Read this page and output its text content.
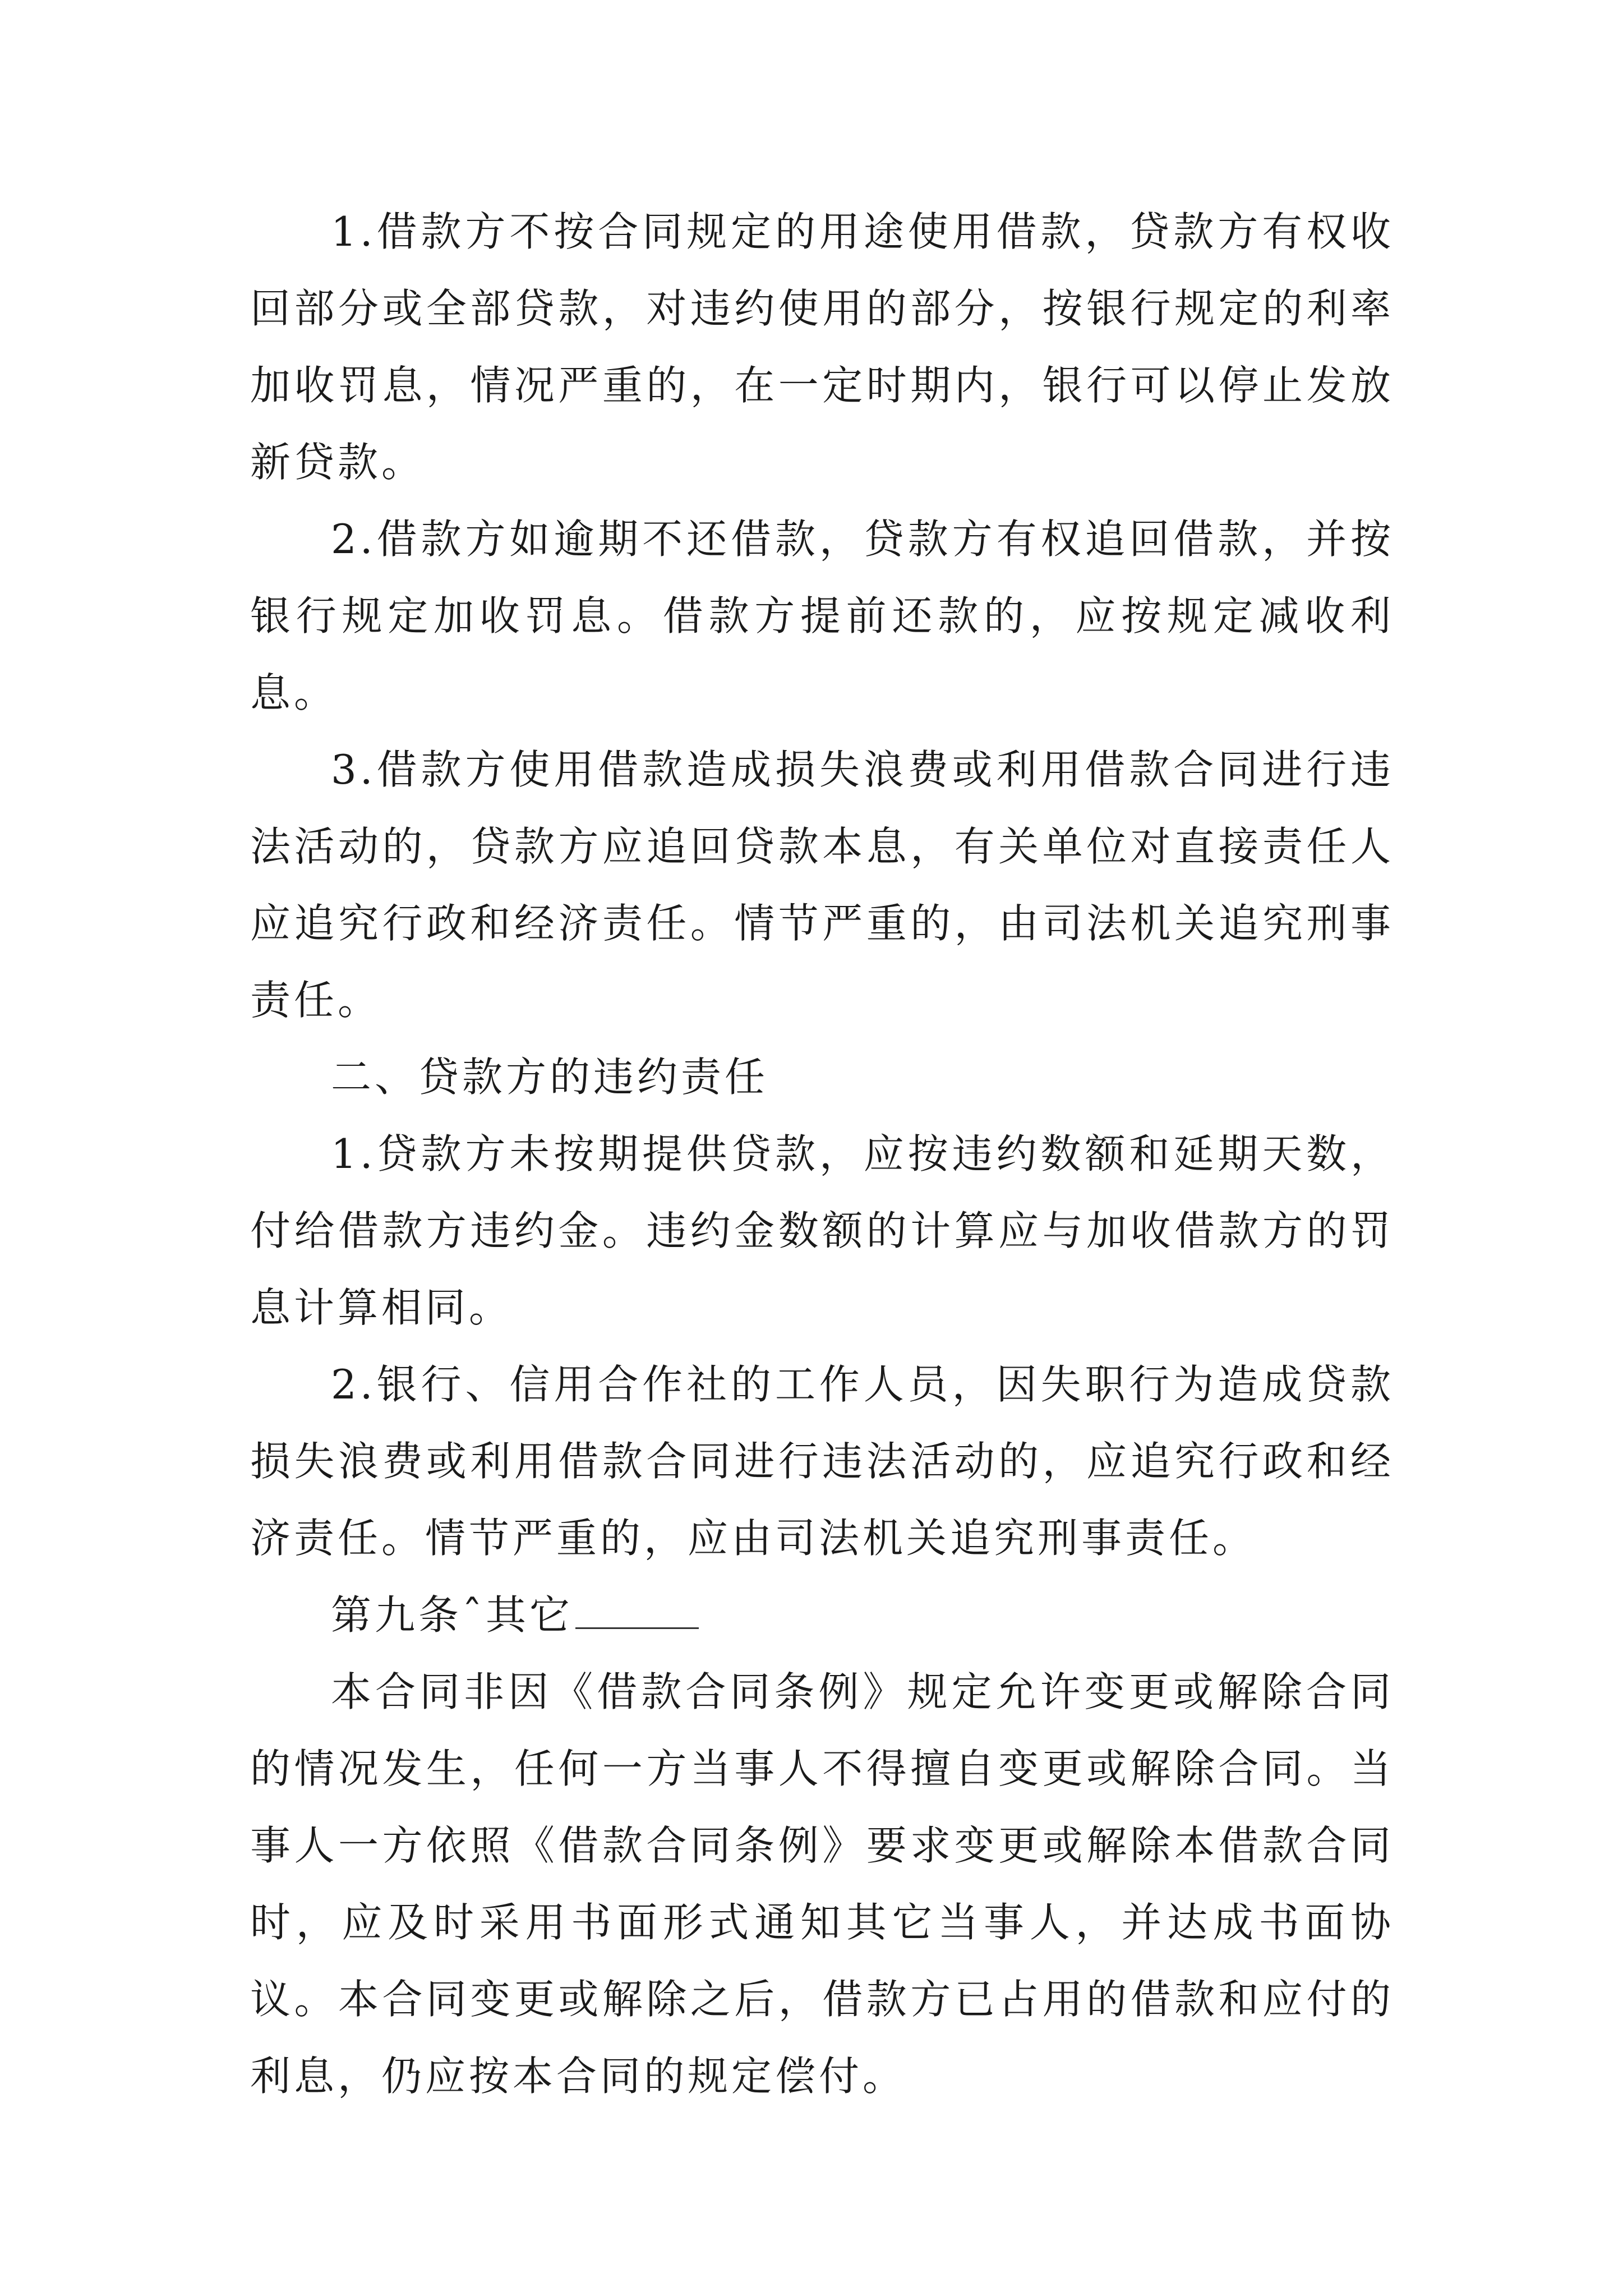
1.借款方不按合同规定的用途使用借款，贷款方有权收回部分或全部贷款，对违约使用的部分，按银行规定的利率加收罚息，情况严重的，在一定时期内，银行可以停止发放新贷款。

2.借款方如逾期不还借款，贷款方有权追回借款，并按银行规定加收罚息。借款方提前还款的，应按规定减收利息。

3.借款方使用借款造成损失浪费或利用借款合同进行违法活动的，贷款方应追回贷款本息，有关单位对直接责任人应追究行政和经济责任。情节严重的，由司法机关追究刑事责任。

二、贷款方的违约责任

1.贷款方未按期提供贷款，应按违约数额和延期天数，付给借款方违约金。违约金数额的计算应与加收借款方的罚息计算相同。

2.银行、信用合作社的工作人员，因失职行为造成贷款损失浪费或利用借款合同进行违法活动的，应追究行政和经济责任。情节严重的，应由司法机关追究刑事责任。

第九条ˆ其它

本合同非因《借款合同条例》规定允许变更或解除合同的情况发生，任何一方当事人不得擅自变更或解除合同。当事人一方依照《借款合同条例》要求变更或解除本借款合同时，应及时采用书面形式通知其它当事人，并达成书面协议。本合同变更或解除之后，借款方已占用的借款和应付的利息，仍应按本合同的规定偿付。
